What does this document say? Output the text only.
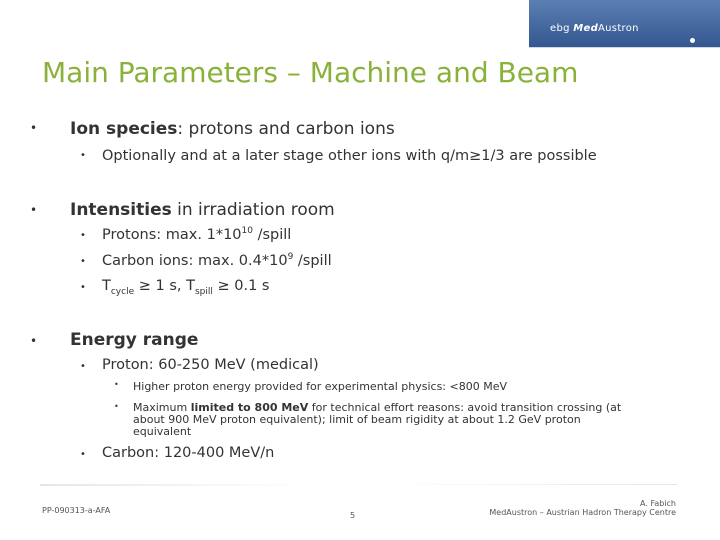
ebg MedAustron
Main Parameters – Machine and Beam
• Ion species: protons and carbon ions
• Optionally and at a later stage other ions with q/m≥1/3 are possible
• Intensities in irradiation room
• Protons: max. $1*10^{10}$ /spill
• Carbon ions: max. $0.4*10^9$ /spill
• $T_{cycle} \ge 1$ s, $T_{spill} \ge 0.1$ s
• Energy range
• Proton: 60-250 MeV (medical)
• Higher proton energy provided for experimental physics: <800 MeV
• Maximum limited to 800 MeV for technical effort reasons: avoid transition crossing (at
about 900 MeV proton equivalent); limit of beam rigidity at about 1.2 GeV proton
equivalent
• Carbon: 120-400 MeV/n
PP-090313-a-AFA
5
A. Fabich
MedAustron – Austrian Hadron Therapy Centre
